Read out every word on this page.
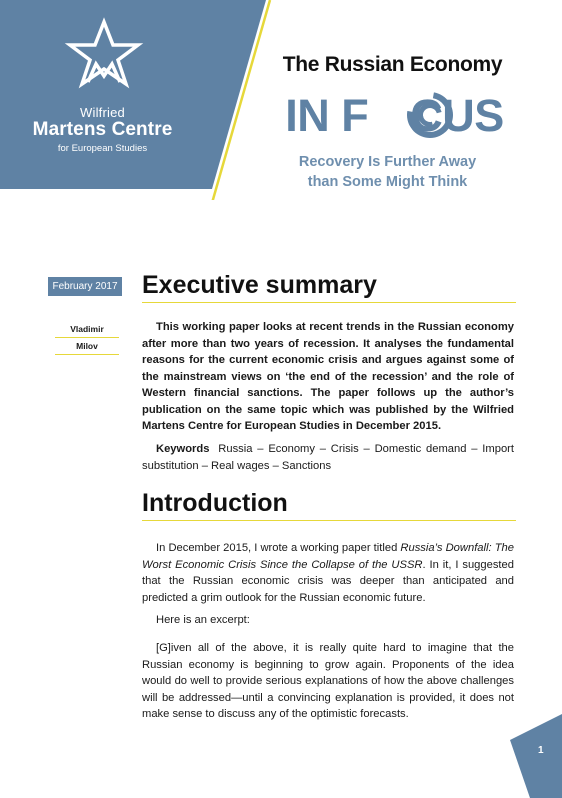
Wilfried
Martens Centre
for European Studies
The Russian Economy
IN F CUS
Recovery Is Further Away
than Some Might Think
February 2017
Vladimir
Milov
Executive summary

This working paper looks at recent trends in the Russian economy after more than two years of recession. It analyses the fundamental reasons for the current economic crisis and argues against some of the mainstream views on ‘the end of the recession’ and the role of Western financial sanctions. The paper follows up the author’s publication on the same topic which was published by the Wilfried Martens Centre for European Studies in December 2015.

Keywords Russia – Economy – Crisis – Domestic demand – Import substitution – Real wages – Sanctions

Introduction

In December 2015, I wrote a working paper titled Russia’s Downfall: The Worst Economic Crisis Since the Collapse of the USSR. In it, I suggested that the Russian economic crisis was deeper than anticipated and predicted a grim outlook for the Russian economic future.

Here is an excerpt:

[G]iven all of the above, it is really quite hard to imagine that the Russian economy is beginning to grow again. Proponents of the idea would do well to provide serious explanations of how the above challenges will be addressed—until a convincing explanation is provided, it does not make sense to discuss any of the optimistic forecasts.

1
